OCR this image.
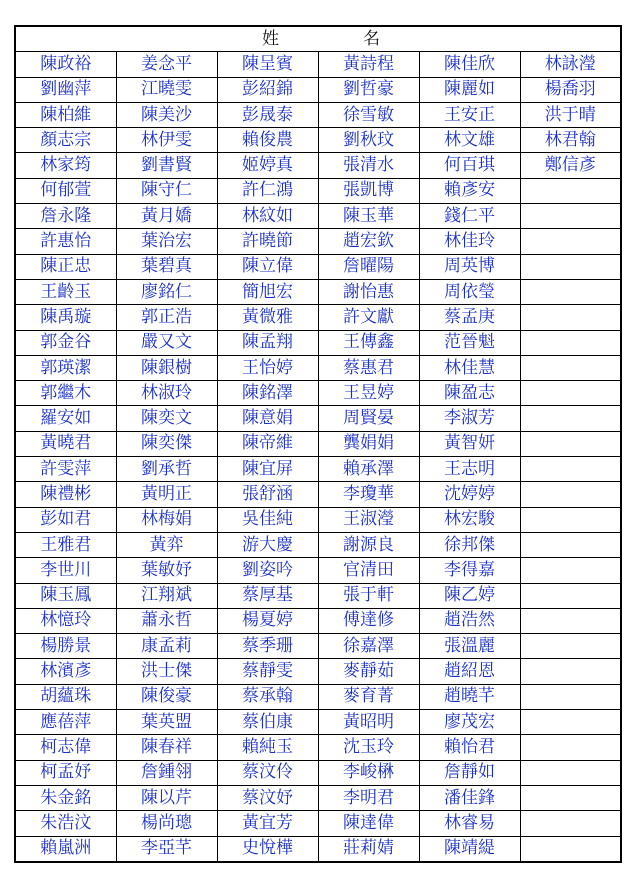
姓 名					

陳政裕	姜念平	陳呈賓	黃詩程	陳佳欣	林詠瀅
劉幽萍	江曉雯	彭紹錦	劉哲豪	陳麗如	楊喬羽
陳柏維	陳美沙	彭晟泰	徐雪敏	王安正	洪于晴
顏志宗	林伊雯	賴俊農	劉秋玟	林文雄	林君翰
林家筠	劉書賢	姬婷真	張清水	何百琪	鄭信彥
何郁萱	陳守仁	許仁鴻	張凱博	賴彥安	
詹永隆	黃月嬌	林紋如	陳玉華	錢仁平	
許惠怡	葉治宏	許曉節	趙宏欽	林佳玲	
陳正忠	葉碧真	陳立偉	詹曜陽	周英博	
王齡玉	廖銘仁	簡旭宏	謝怡惠	周依瑩	
陳禹璇	郭正浩	黃微雅	許文獻	蔡孟庚	
郭金谷	嚴又文	陳孟翔	王傳鑫	范晉魁	
郭瑛潔	陳銀樹	王怡婷	蔡惠君	林佳慧	
郭繼木	林淑玲	陳銘澤	王昱婷	陳盈志	
羅安如	陳奕文	陳意娟	周賢晏	李淑芳	
黃曉君	陳奕傑	陳帝維	龔娟娟	黃智妍	
許雯萍	劉承哲	陳宜屏	賴承澤	王志明	
陳禮彬	黃明正	張舒涵	李瓊華	沈婷婷	
彭如君	林梅娟	吳佳純	王淑瀅	林宏駿	
王雅君	黃弈	游大慶	謝源良	徐邦傑	
李世川	葉敏妤	劉姿吟	官清田	李得嘉	
陳玉鳳	江翔斌	蔡厚基	張于軒	陳乙婷	
林憶玲	蕭永哲	楊夏婷	傅達修	趙浩然	
楊勝景	康孟莉	蔡季珊	徐嘉澤	張溫麗	
林濱彥	洪士傑	蔡靜雯	麥靜茹	趙紹恩	
胡蘊珠	陳俊豪	蔡承翰	麥育菁	趙曉芊	
應蓓萍	葉英盟	蔡伯康	黃昭明	廖茂宏	
柯志偉	陳春祥	賴純玉	沈玉玲	賴怡君	
柯孟妤	詹鍾翎	蔡汶伶	李峻楙	詹靜如	
朱金銘	陳以芹	蔡汶妤	李明君	潘佳鋒	
朱浩汶	楊尚璁	黃宜芳	陳達偉	林睿易	
賴嵐洲	李亞芊	史悅樺	莊莉婧	陳靖緹	
